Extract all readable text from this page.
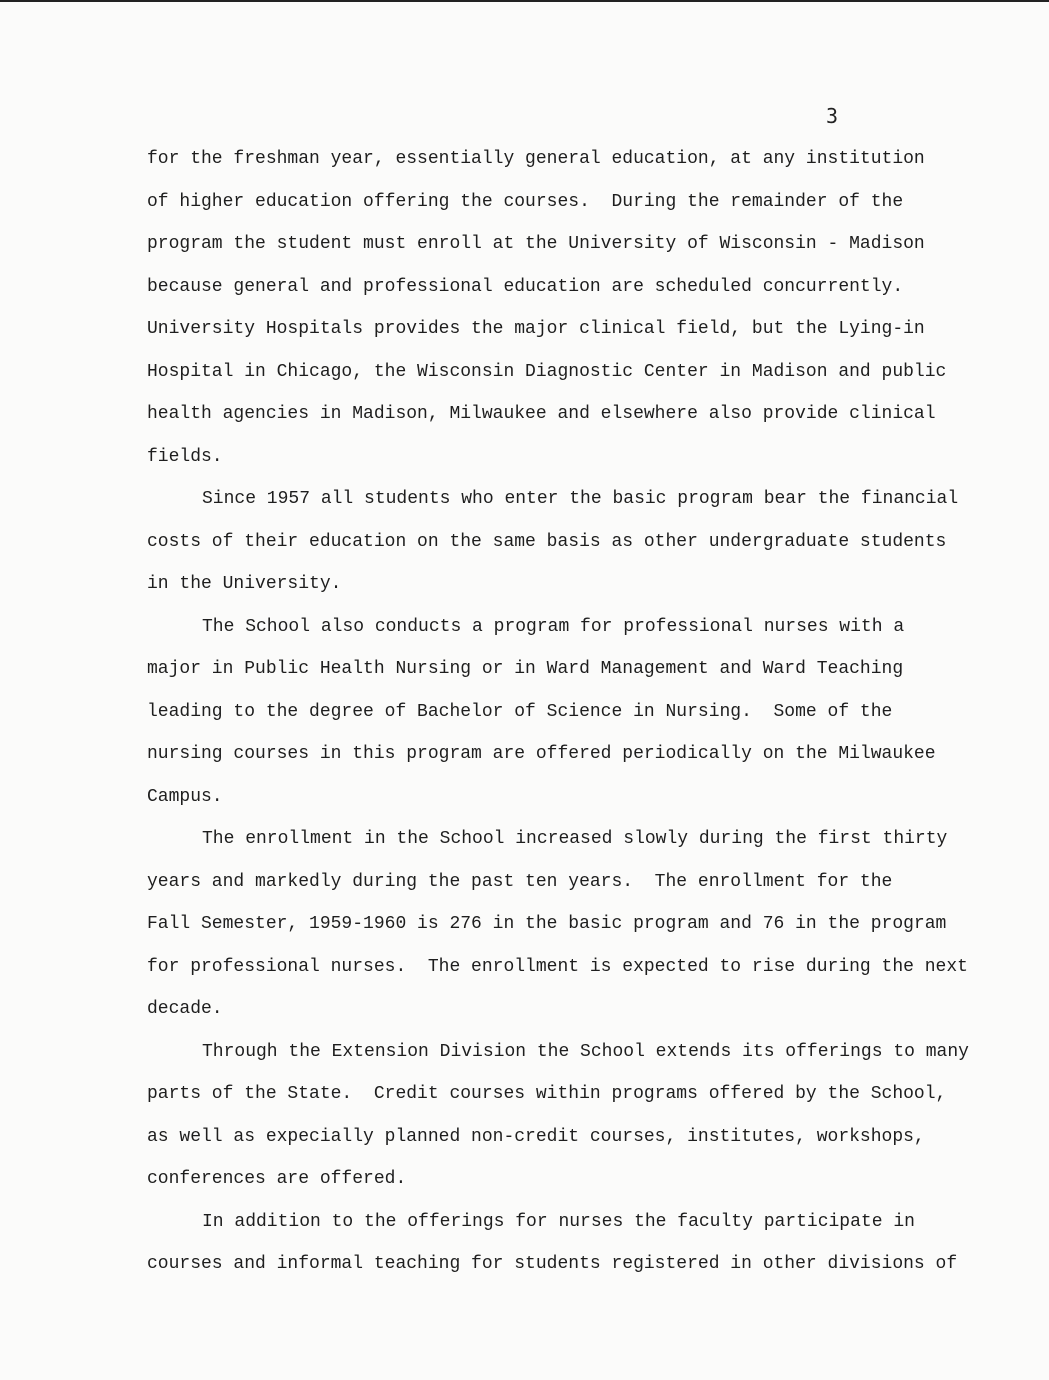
3
for the freshman year, essentially general education, at any institution
of higher education offering the courses.  During the remainder of the
program the student must enroll at the University of Wisconsin - Madison
because general and professional education are scheduled concurrently.
University Hospitals provides the major clinical field, but the Lying-in
Hospital in Chicago, the Wisconsin Diagnostic Center in Madison and public
health agencies in Madison, Milwaukee and elsewhere also provide clinical
fields.
Since 1957 all students who enter the basic program bear the financial
costs of their education on the same basis as other undergraduate students
in the University.
The School also conducts a program for professional nurses with a
major in Public Health Nursing or in Ward Management and Ward Teaching
leading to the degree of Bachelor of Science in Nursing.  Some of the
nursing courses in this program are offered periodically on the Milwaukee
Campus.
The enrollment in the School increased slowly during the first thirty
years and markedly during the past ten years.  The enrollment for the
Fall Semester, 1959-1960 is 276 in the basic program and 76 in the program
for professional nurses.  The enrollment is expected to rise during the next
decade.
Through the Extension Division the School extends its offerings to many
parts of the State.  Credit courses within programs offered by the School,
as well as expecially planned non-credit courses, institutes, workshops,
conferences are offered.
In addition to the offerings for nurses the faculty participate in
courses and informal teaching for students registered in other divisions of
